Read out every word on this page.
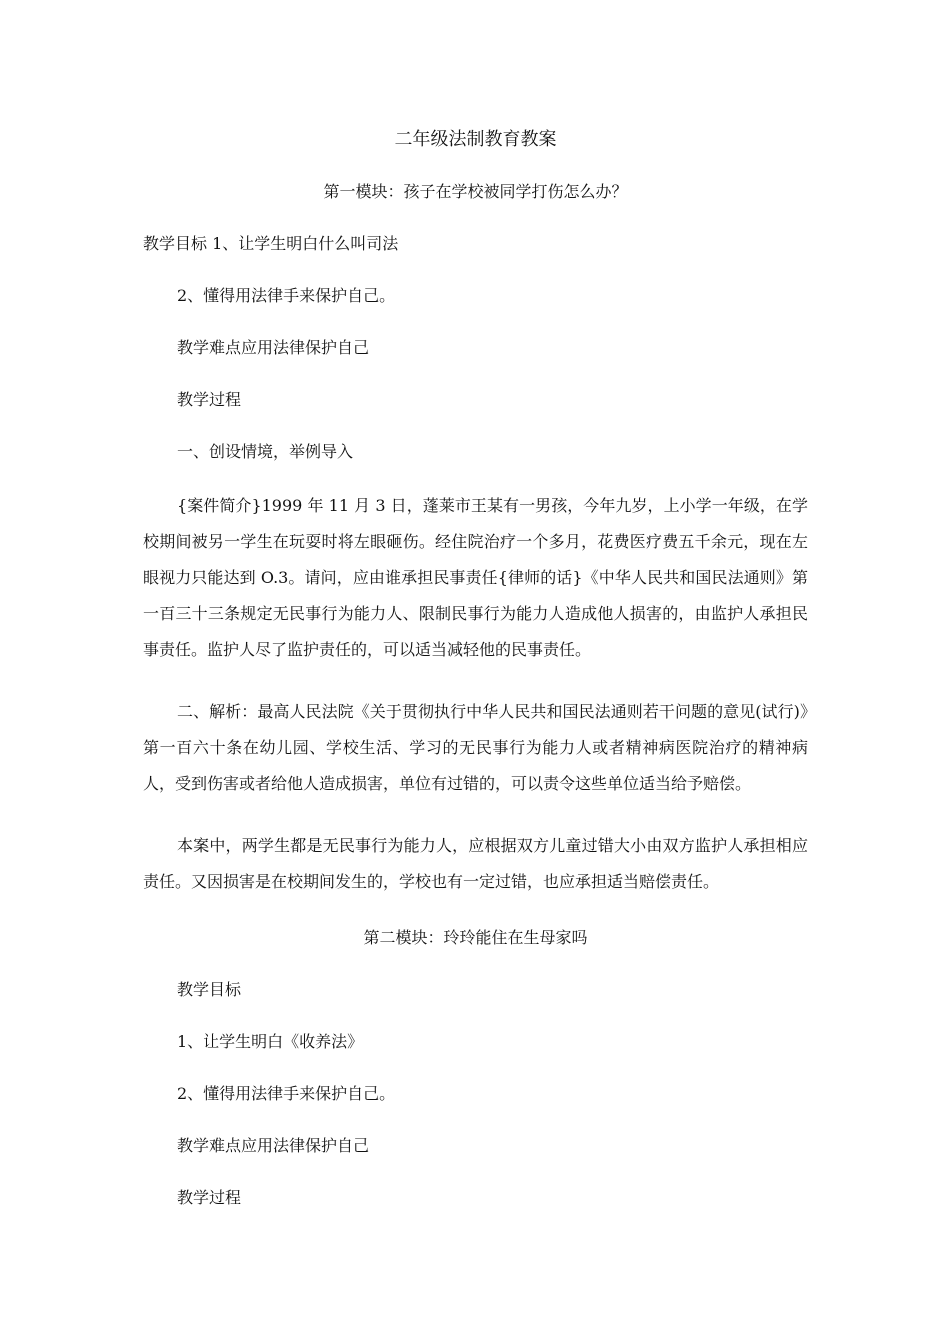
二年级法制教育教案
第一模块：孩子在学校被同学打伤怎么办？
教学目标 1、让学生明白什么叫司法
2、懂得用法律手来保护自己。
教学难点应用法律保护自己
教学过程
一、创设情境，举例导入

{案件简介}1999 年 11 月 3 日，蓬莱市王某有一男孩，今年九岁，上小学一年级，在学校期间被另一学生在玩耍时将左眼砸伤。经住院治疗一个多月，花费医疗费五千余元，现在左眼视力只能达到 O.3。请问，应由谁承担民事责任{律师的话}《中华人民共和国民法通则》第一百三十三条规定无民事行为能力人、限制民事行为能力人造成他人损害的，由监护人承担民事责任。监护人尽了监护责任的，可以适当减轻他的民事责任。

二、解析：最高人民法院《关于贯彻执行中华人民共和国民法通则若干问题的意见(试行)》第一百六十条在幼儿园、学校生活、学习的无民事行为能力人或者精神病医院治疗的精神病人，受到伤害或者给他人造成损害，单位有过错的，可以责令这些单位适当给予赔偿。

本案中，两学生都是无民事行为能力人，应根据双方儿童过错大小由双方监护人承担相应责任。又因损害是在校期间发生的，学校也有一定过错，也应承担适当赔偿责任。

第二模块：玲玲能住在生母家吗
教学目标
1、让学生明白《收养法》
2、懂得用法律手来保护自己。
教学难点应用法律保护自己
教学过程
